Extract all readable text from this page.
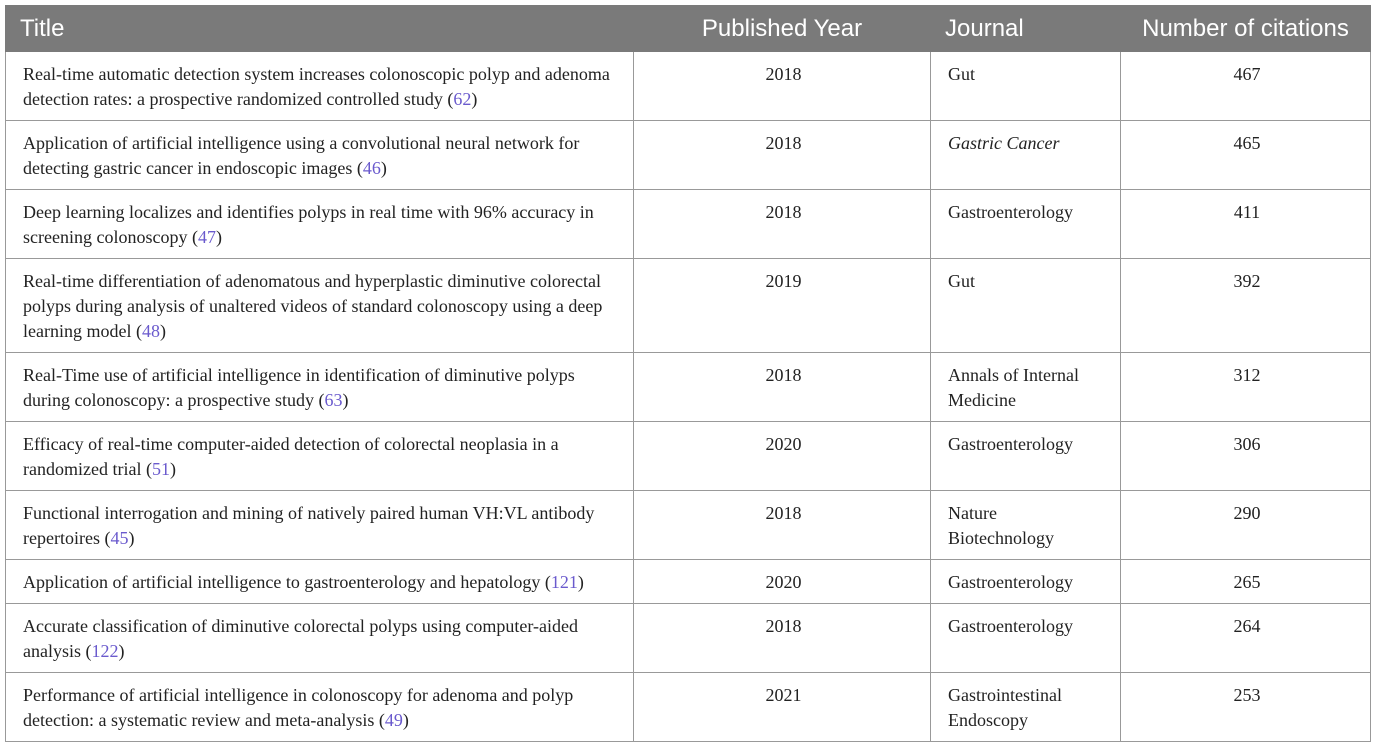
Title	Published Year	Journal	Number of citations
Real-time automatic detection system increases colonoscopic polyp and adenoma detection rates: a prospective randomized controlled study (62)	2018	Gut	467
Application of artificial intelligence using a convolutional neural network for detecting gastric cancer in endoscopic images (46)	2018	Gastric Cancer	465
Deep learning localizes and identifies polyps in real time with 96% accuracy in screening colonoscopy (47)	2018	Gastroenterology	411
Real-time differentiation of adenomatous and hyperplastic diminutive colorectal polyps during analysis of unaltered videos of standard colonoscopy using a deep learning model (48)	2019	Gut	392
Real-Time use of artificial intelligence in identification of diminutive polyps during colonoscopy: a prospective study (63)	2018	Annals of Internal Medicine	312
Efficacy of real-time computer-aided detection of colorectal neoplasia in a randomized trial (51)	2020	Gastroenterology	306
Functional interrogation and mining of natively paired human VH:VL antibody repertoires (45)	2018	Nature Biotechnology	290
Application of artificial intelligence to gastroenterology and hepatology (121)	2020	Gastroenterology	265
Accurate classification of diminutive colorectal polyps using computer-aided analysis (122)	2018	Gastroenterology	264
Performance of artificial intelligence in colonoscopy for adenoma and polyp detection: a systematic review and meta-analysis (49)	2021	Gastrointestinal Endoscopy	253
